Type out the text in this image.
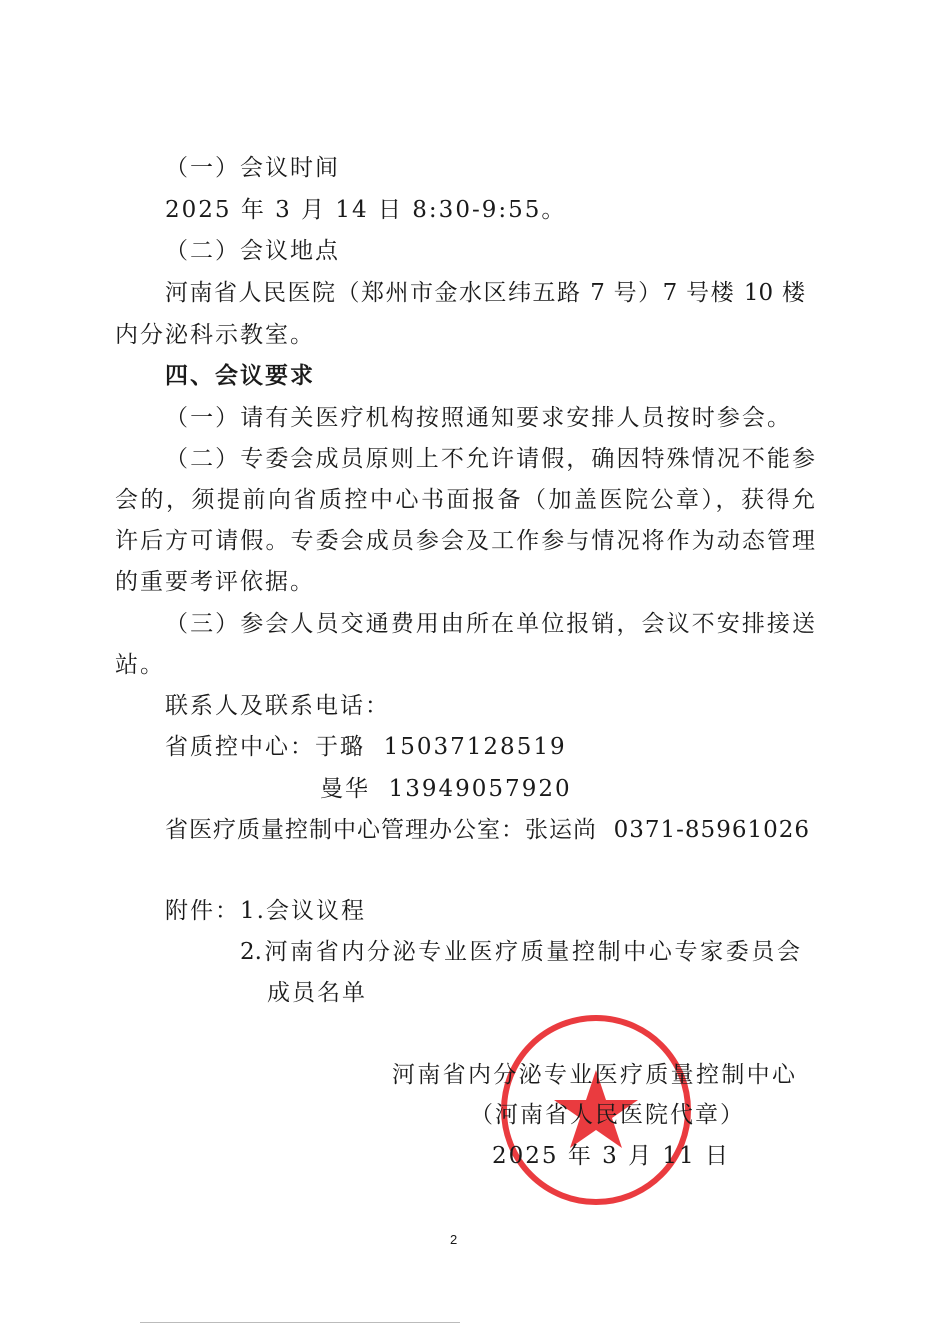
（一）会议时间
2025 年 3 月 14 日 8:30-9:55。
（二）会议地点
河南省人民医院（郑州市金水区纬五路 7 号）7 号楼 10 楼
内分泌科示教室。
四、会议要求
（一）请有关医疗机构按照通知要求安排人员按时参会。
（二）专委会成员原则上不允许请假，确因特殊情况不能参
会的，须提前向省质控中心书面报备（加盖医院公章），获得允
许后方可请假。专委会成员参会及工作参与情况将作为动态管理
的重要考评依据。
（三）参会人员交通费用由所在单位报销，会议不安排接送
站。
联系人及联系电话：
省质控中心：于璐  15037128519
曼华  13949057920
省医疗质量控制中心管理办公室：张运尚  0371-85961026
附件：1.会议议程
2.河南省内分泌专业医疗质量控制中心专家委员会
成员名单
河南省内分泌专业医疗质量控制中心
（河南省人民医院代章）
2025 年 3 月 11 日
2
